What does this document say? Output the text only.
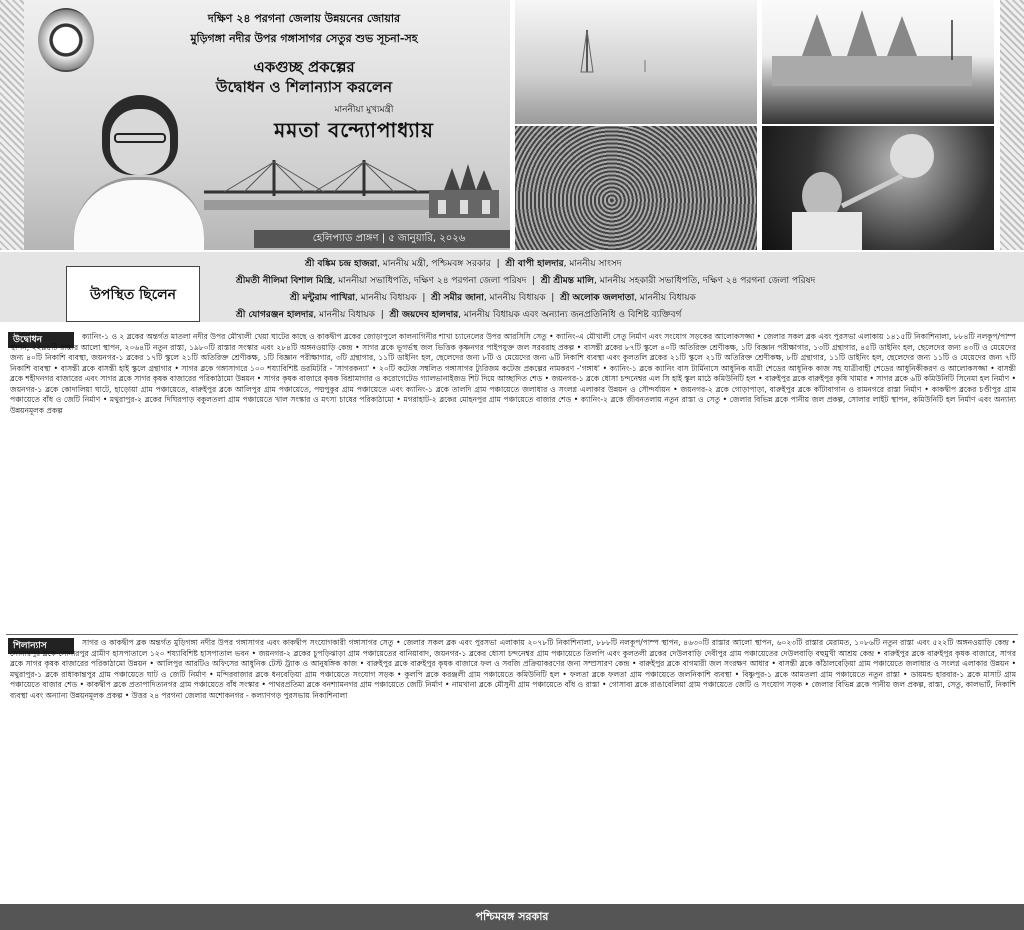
দক্ষিণ ২৪ পরগনা জেলায় উন্নয়নের জোয়ার
মুড়িগঙ্গা নদীর উপর গঙ্গাসাগর সেতুর শুভ সূচনা-সহ
একগুচ্ছ প্রকল্পের
উদ্বোধন ও শিলান্যাস করলেন
মাননীয়া মুখ্যমন্ত্রী
মমতা বন্দ্যোপাধ্যায়
হেলিপ্যাড প্রাঙ্গণ | ৫ জানুয়ারি, ২০২৬
উপস্থিত ছিলেন
শ্রী বঙ্কিম চন্দ্র হাজরা, মাননীয় মন্ত্রী, পশ্চিমবঙ্গ সরকার  |  শ্রী বাপী হালদার, মাননীয় সাংসদ
শ্রীমতী নীলিমা বিশাল মিস্ত্রি, মাননীয়া সভাধিপতি, দক্ষিণ ২৪ পরগনা জেলা পরিষদ  |  শ্রী শ্রীমন্ত মালি, মাননীয় সহকারী সভাধিপতি, দক্ষিণ ২৪ পরগনা জেলা পরিষদ
শ্রী মন্টুরাম পাখিরা, মাননীয় বিধায়ক  |  শ্রী সমীর জানা, মাননীয় বিধায়ক  |  শ্রী অলোক জলদাতা, মাননীয় বিধায়ক
শ্রী যোগরঞ্জন হালদার, মাননীয় বিধায়ক  |  শ্রী জয়দেব হালদার, মাননীয় বিধায়ক এবং অন্যান্য জনপ্রতিনিধি ও বিশিষ্ট ব্যক্তিবর্গ
উদ্বোধন	ক্যানিং-১ ও ২ ব্লকের অন্তর্গত মাতলা নদীর উপর মৌখালী খেয়া ঘাটের কাছে ও কাকদ্বীপ ব্লকের জোড়াপুলে কালনাগিনীর শাখা চ্যানেলের উপর আরসিসি সেতু • ক্যানিং-এ মৌখালী সেতু নির্মাণ এবং সংযোগ সড়কের আলোকসজ্জা • জেলার সকল ব্লক এবং পুরসভা এলাকায় ১৪১৫টি নিকাশিনালা, ৮৮৪টি নলকূপ/পাম্প স্থাপন, ২২৯৫টি রাস্তার আলো স্থাপন, ২০৬৪টি নতুন রাস্তা, ১৯৮০টি রাস্তার সংস্কার এবং ২৮৪টি অঙ্গনওয়াড়ি কেন্দ্র • সাগর ব্লকে ভূগর্ভস্থ জল ভিত্তিক কৃষ্ণনগর পাইপযুক্ত জল সরবরাহ প্রকল্প • বাসন্তী ব্লকের ৮৭টি স্কুলে ৪০টি অতিরিক্ত শ্রেণীকক্ষ, ১টি বিজ্ঞান পরীক্ষাগার, ১৩টি গ্রন্থাগার, ৪৫টি ডাইনিং হল, ছেলেদের জন্য ৪৩টি ও মেয়েদের জন্য ৪০টি নিকাশি ব্যবস্থা, জয়নগর-১ ব্লকের ১৭টি স্কুলে ২১টি অতিরিক্ত শ্রেণীকক্ষ, ১টি বিজ্ঞান পরীক্ষাগার, ৩টি গ্রন্থাগার, ১১টি ডাইনিং হল, ছেলেদের জন্য ৮টি ও মেয়েদের জন্য ৬টি নিকাশি ব্যবস্থা এবং কুলতলি ব্লকের ২১টি স্কুলে ২১টি অতিরিক্ত শ্রেণীকক্ষ, ৮টি গ্রন্থাগার, ১১টি ডাইনিং হল, ছেলেদের জন্য ১১টি ও মেয়েদের জন্য ৭টি নিকাশি ব্যবস্থা • বাসন্তী ব্লকে বাসন্তী হাই স্কুলে গ্রন্থাগার • সাগর ব্লকে গঙ্গাসাগরে ১০০ শয্যাবিশিষ্ট ডরমিটরি - 'সাগরকন্যা' • ২০টি কটেজ সম্বলিত গঙ্গাসাগর ট্যুরিজম কটেজ প্রকল্পের নামকরণ -'গঙ্গাধ' • ক্যানিং-১ ব্লকে ক্যানিং বাস টার্মিনাসে আধুনিক যাত্রী শেডের আধুনিক কাজ সহ যাত্রীবাহী শেডের আধুনিকীকরণ ও আলোকসজ্জা • বাসন্তী ব্লকে শহীদনগর বাজারের এবং সাগর ব্লকে সাগর কৃষক বাজারের পরিকাঠামো উন্নয়ন • সাগর কৃষক বাজারে কৃষক বিশ্রামাগার ও করোগেটেড গ্যালভানাইজড শিট দিয়ে আচ্ছাদিত শেড • জয়নগর-১ ব্লকে ধোসা চন্দনেশ্বর এল সি হাই স্কুল মাঠে কমিউনিটি হল • বারুইপুর ব্লকে বারুইপুর কৃষি খামার • সাগর ব্লকে ৬টি কমিউনিটি সিনেমা হল নির্মাণ • জয়নগর-১ ব্লকে কোদালিয়া ঘাটে, হাড়োয়া গ্রাম পঞ্চায়েতে, বারুইপুর ব্লকে আলিপুর গ্রাম পঞ্চায়েতে, পদ্মপুকুর গ্রাম পঞ্চায়েতে এবং ক্যানিং-১ ব্লকে তালদি গ্রাম পঞ্চায়েতে জলাধার ও সংলগ্ন এলাকার উন্নয়ন ও সৌন্দর্যায়ন • জয়নগর-২ ব্লকে গোড়াপাড়া, বারুইপুর ব্লকে কাঁটাবাগান ও রামনগরে রাস্তা নির্মাণ • কাকদ্বীপ ব্লকের চণ্ডীপুর গ্রাম পঞ্চায়েতে বাঁধ ও জেটি নির্মাণ • মথুরাপুর-২ ব্লকের দিঘিরপাড় বকুলতলা গ্রাম পঞ্চায়েতে খাল সংস্কার ও মৎস্য চাষের পরিকাঠামো • মগরাহাট-২ ব্লকের মোহনপুর গ্রাম পঞ্চায়েতে বাজার শেড • ক্যানিং-২ ব্লকে জীবনতলায় নতুন রাস্তা ও সেতু • জেলার বিভিন্ন ব্লকে পানীয় জল প্রকল্প, সোলার লাইট স্থাপন, কমিউনিটি হল নির্মাণ এবং অন্যান্য উন্নয়নমূলক প্রকল্প
শিলান্যাস	সাগর ও কাকদ্বীপ ব্লক অন্তর্গত মুড়িগঙ্গা নদীর উপর গঙ্গাসাগর এবং কাকদ্বীপ সংযোগকারী গঙ্গাসাগর সেতু • জেলার সকল ব্লক এবং পুরসভা এলাকায় ২০৭৮টি নিকাশিনালা, ৮৮৮টি নলকূপ/পাম্প স্থাপন, ৪৬৩০টি রাস্তার আলো স্থাপন, ৬০২৩টি রাস্তার মেরামত, ১০৮৬টি নতুন রাস্তা এবং ৫২২টি অঙ্গনওয়াড়ি কেন্দ্র • সোনারপুর ব্লকে সোনারপুর গ্রামীণ হাসপাতালে ১২০ শয্যাবিশিষ্ট হাসপাতাল ভবন • জয়নগর-২ ব্লকের চুপড়িঝাড়া গ্রাম পঞ্চায়েতের বানিয়াবাদ, জয়নগর-১ ব্লকের ধোসা চন্দনেশ্বর গ্রাম পঞ্চায়েতে তিলপি এবং কুলতলী ব্লকের দেউলবাড়ি দেবীপুর গ্রাম পঞ্চায়েতের দেউলবাড়ি বহুমুখী আশ্রয় কেন্দ্র • বারুইপুর ব্লকে বারুইপুর কৃষক বাজারে, সাগর ব্লকে সাগর কৃষক বাজারের পরিকাঠামো উন্নয়ন • আলিপুর আরটিও অফিসের আধুনিক টেস্ট ট্র্যাক ও আনুষঙ্গিক কাজ • বারুইপুর ব্লকে বারুইপুর কৃষক বাজারে ফল ও সবজি প্রক্রিয়াকরণের জন্য সম্প্রসারণ কেন্দ্র • বারুইপুর ব্লকে বাগমারী জল সংরক্ষণ আধার • বাসন্তী ব্লকে কাঁঠালবেড়িয়া গ্রাম পঞ্চায়েতে জলাধার ও সংলগ্ন এলাকার উন্নয়ন • মথুরাপুর-১ ব্লকে রাধাকান্তপুর গ্রাম পঞ্চায়েতে ঘাট ও জেটি নির্মাণ • মন্দিরবাজার ব্লকে ধনবেড়িয়া গ্রাম পঞ্চায়েতে সংযোগ সড়ক • কুলপি ব্লকে করঞ্জলী গ্রাম পঞ্চায়েতে কমিউনিটি হল • ফলতা ব্লকে ফলতা গ্রাম পঞ্চায়েতে জলনিকাশি ব্যবস্থা • বিষ্ণুপুর-১ ব্লকে আমতলা গ্রাম পঞ্চায়েতে নতুন রাস্তা • ডায়মন্ড হারবার-১ ব্লকে মাসাট গ্রাম পঞ্চায়েতে বাজার শেড • কাকদ্বীপ ব্লকে প্রতাপাদিত্যনগর গ্রাম পঞ্চায়েতে বাঁধ সংস্কার • পাথরপ্রতিমা ব্লকে বনশ্যামনগর গ্রাম পঞ্চায়েতে জেটি নির্মাণ • নামখানা ব্লকে মৌসুনী গ্রাম পঞ্চায়েতে বাঁধ ও রাস্তা • গোসাবা ব্লকে রাঙাবেলিয়া গ্রাম পঞ্চায়েতে জেটি ও সংযোগ সড়ক • জেলার বিভিন্ন ব্লকে পানীয় জল প্রকল্প, রাস্তা, সেতু, কালভার্ট, নিকাশি ব্যবস্থা এবং অন্যান্য উন্নয়নমূলক প্রকল্প • উত্তর ২৪ পরগনা জেলার অশোকনগর - কল্যাণগড় পুরসভায় নিকাশিনালা
পশ্চিমবঙ্গ সরকার
